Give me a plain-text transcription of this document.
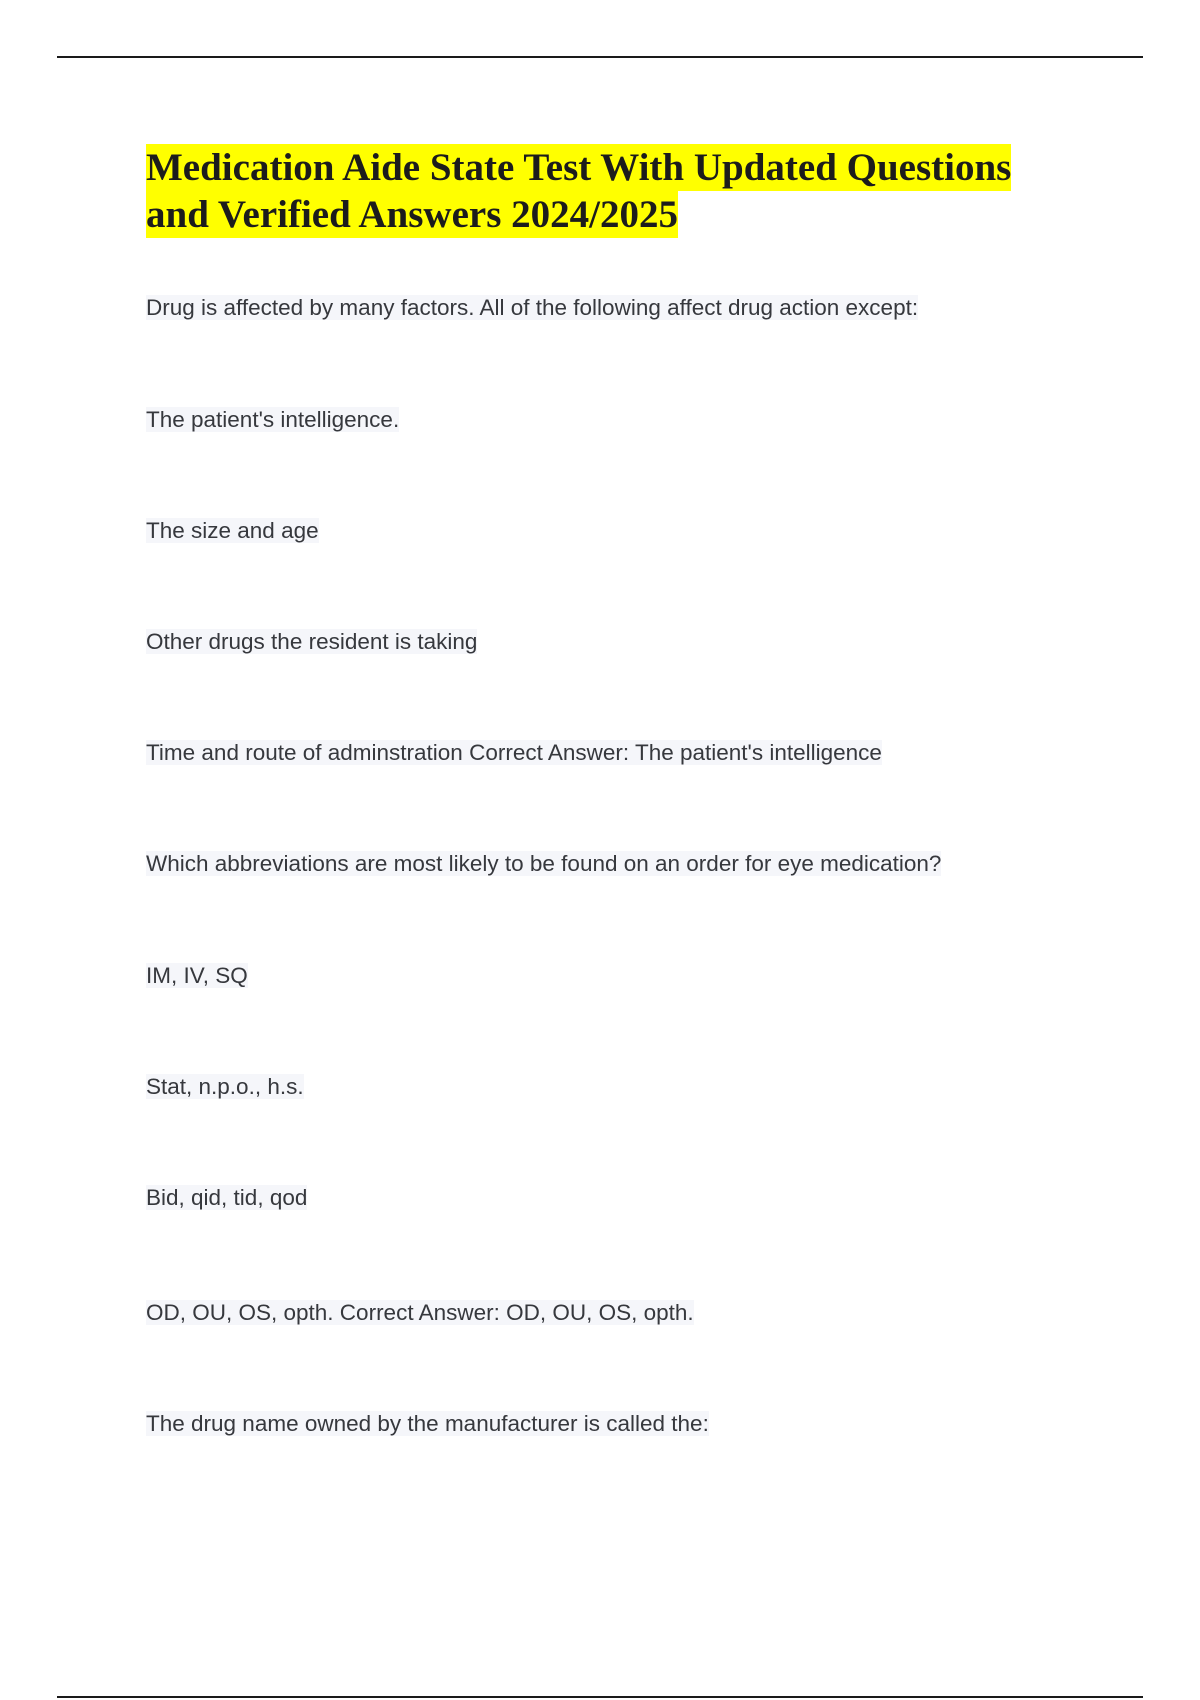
Medication Aide State Test With Updated Questions and Verified Answers 2024/2025

Drug is affected by many factors. All of the following affect drug action except:

The patient's intelligence.

The size and age

Other drugs the resident is taking

Time and route of adminstration Correct Answer: The patient's intelligence

Which abbreviations are most likely to be found on an order for eye medication?

IM, IV, SQ

Stat, n.p.o., h.s.

Bid, qid, tid, qod

OD, OU, OS, opth. Correct Answer: OD, OU, OS, opth.

The drug name owned by the manufacturer is called the:
